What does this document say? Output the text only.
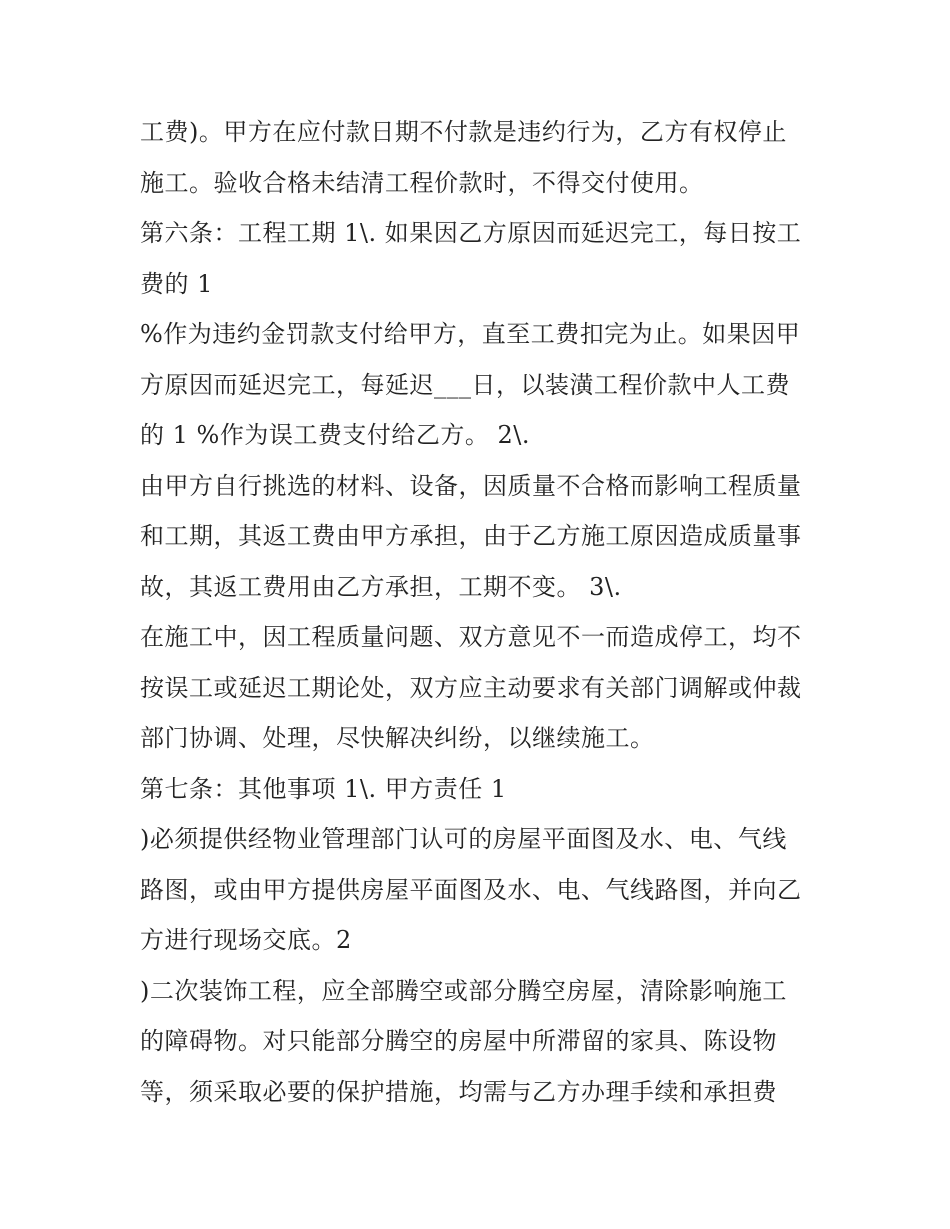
工费)。甲方在应付款日期不付款是违约行为，乙方有权停止
施工。验收合格未结清工程价款时，不得交付使用。
第六条：工程工期 1\. 如果因乙方原因而延迟完工，每日按工
费的 1
%作为违约金罚款支付给甲方，直至工费扣完为止。如果因甲
方原因而延迟完工，每延迟___日，以装潢工程价款中人工费
的 1 %作为误工费支付给乙方。 2\.
由甲方自行挑选的材料、设备，因质量不合格而影响工程质量
和工期，其返工费由甲方承担，由于乙方施工原因造成质量事
故，其返工费用由乙方承担，工期不变。 3\.
在施工中，因工程质量问题、双方意见不一而造成停工，均不
按误工或延迟工期论处，双方应主动要求有关部门调解或仲裁
部门协调、处理，尽快解决纠纷，以继续施工。
第七条：其他事项 1\. 甲方责任 1
)必须提供经物业管理部门认可的房屋平面图及水、电、气线
路图，或由甲方提供房屋平面图及水、电、气线路图，并向乙
方进行现场交底。2
)二次装饰工程，应全部腾空或部分腾空房屋，清除影响施工
的障碍物。对只能部分腾空的房屋中所滞留的家具、陈设物
等，须采取必要的保护措施，均需与乙方办理手续和承担费
